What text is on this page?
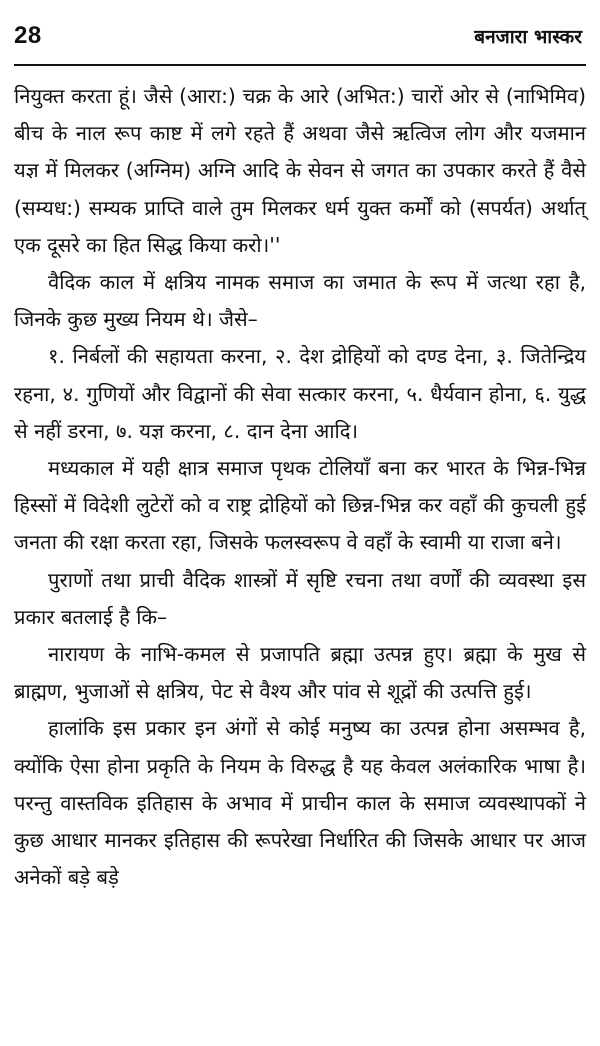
28	बनजारा भास्कर

नियुक्त करता हूं। जैसे (आरा:) चक्र के आरे (अभित:) चारों ओर से (नाभिमिव) बीच के नाल रूप काष्ट में लगे रहते हैं अथवा जैसे ऋत्विज लोग और यजमान यज्ञ में मिलकर (अग्निम) अग्नि आदि के सेवन से जगत का उपकार करते हैं वैसे (सम्यध:) सम्यक प्राप्ति वाले तुम मिलकर धर्म युक्त कर्मों को (सपर्यत) अर्थात् एक दूसरे का हित सिद्ध किया करो।''

वैदिक काल में क्षत्रिय नामक समाज का जमात के रूप में जत्था रहा है, जिनके कुछ मुख्य नियम थे। जैसे–

१. निर्बलों की सहायता करना, २. देश द्रोहियों को दण्ड देना, ३. जितेन्द्रिय रहना, ४. गुणियों और विद्वानों की सेवा सत्कार करना, ५. धैर्यवान होना, ६. युद्ध से नहीं डरना, ७. यज्ञ करना, ८. दान देना आदि।

मध्यकाल में यही क्षात्र समाज पृथक टोलियाँ बना कर भारत के भिन्न-भिन्न हिस्सों में विदेशी लुटेरों को व राष्ट्र द्रोहियों को छिन्न-भिन्न कर वहाँ की कुचली हुई जनता की रक्षा करता रहा, जिसके फलस्वरूप वे वहाँ के स्वामी या राजा बने।

पुराणों तथा प्राची वैदिक शास्त्रों में सृष्टि रचना तथा वर्णों की व्यवस्था इस प्रकार बतलाई है कि–

नारायण के नाभि-कमल से प्रजापति ब्रह्मा उत्पन्न हुए। ब्रह्मा के मुख से ब्राह्मण, भुजाओं से क्षत्रिय, पेट से वैश्य और पांव से शूद्रों की उत्पत्ति हुई।

हालांकि इस प्रकार इन अंगों से कोई मनुष्य का उत्पन्न होना असम्भव है, क्योंकि ऐसा होना प्रकृति के नियम के विरुद्ध है यह केवल अलंकारिक भाषा है। परन्तु वास्तविक इतिहास के अभाव में प्राचीन काल के समाज व्यवस्थापकों ने कुछ आधार मानकर इतिहास की रूपरेखा निर्धारित की जिसके आधार पर आज अनेकों बड़े बड़े
